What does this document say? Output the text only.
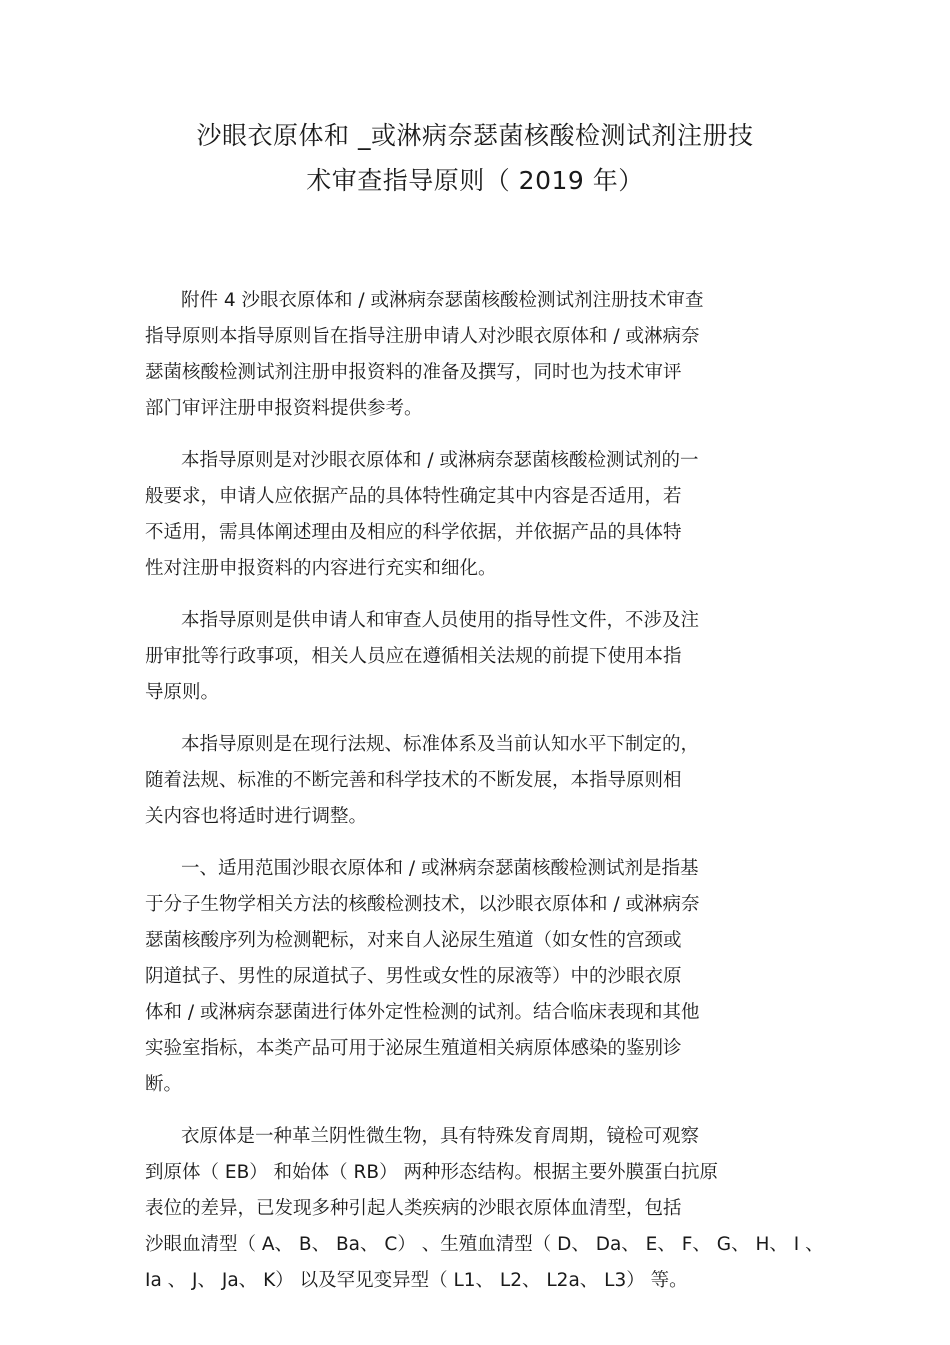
沙眼衣原体和 _或淋病奈瑟菌核酸检测试剂注册技
术审查指导原则（ 2019 年）
附件 4 沙眼衣原体和 / 或淋病奈瑟菌核酸检测试剂注册技术审查
指导原则本指导原则旨在指导注册申请人对沙眼衣原体和 / 或淋病奈
瑟菌核酸检测试剂注册申报资料的准备及撰写，同时也为技术审评
部门审评注册申报资料提供参考。
本指导原则是对沙眼衣原体和 / 或淋病奈瑟菌核酸检测试剂的一
般要求，申请人应依据产品的具体特性确定其中内容是否适用，若
不适用，需具体阐述理由及相应的科学依据，并依据产品的具体特
性对注册申报资料的内容进行充实和细化。
本指导原则是供申请人和审查人员使用的指导性文件，不涉及注
册审批等行政事项，相关人员应在遵循相关法规的前提下使用本指
导原则。
本指导原则是在现行法规、标准体系及当前认知水平下制定的，
随着法规、标准的不断完善和科学技术的不断发展，本指导原则相
关内容也将适时进行调整。
一、适用范围沙眼衣原体和 / 或淋病奈瑟菌核酸检测试剂是指基
于分子生物学相关方法的核酸检测技术，以沙眼衣原体和 / 或淋病奈
瑟菌核酸序列为检测靶标，对来自人泌尿生殖道（如女性的宫颈或
阴道拭子、男性的尿道拭子、男性或女性的尿液等）中的沙眼衣原
体和 / 或淋病奈瑟菌进行体外定性检测的试剂。结合临床表现和其他
实验室指标，本类产品可用于泌尿生殖道相关病原体感染的鉴别诊
断。
衣原体是一种革兰阴性微生物，具有特殊发育周期，镜检可观察
到原体（ EB） 和始体（ RB） 两种形态结构。根据主要外膜蛋白抗原
表位的差异，已发现多种引起人类疾病的沙眼衣原体血清型，包括
沙眼血清型（ A、 B、 Ba、 C） 、生殖血清型（ D、 Da、 E、 F、 G、 H、 I 、
Ia 、 J、 Ja、 K） 以及罕见变异型（ L1、 L2、 L2a、 L3） 等。
